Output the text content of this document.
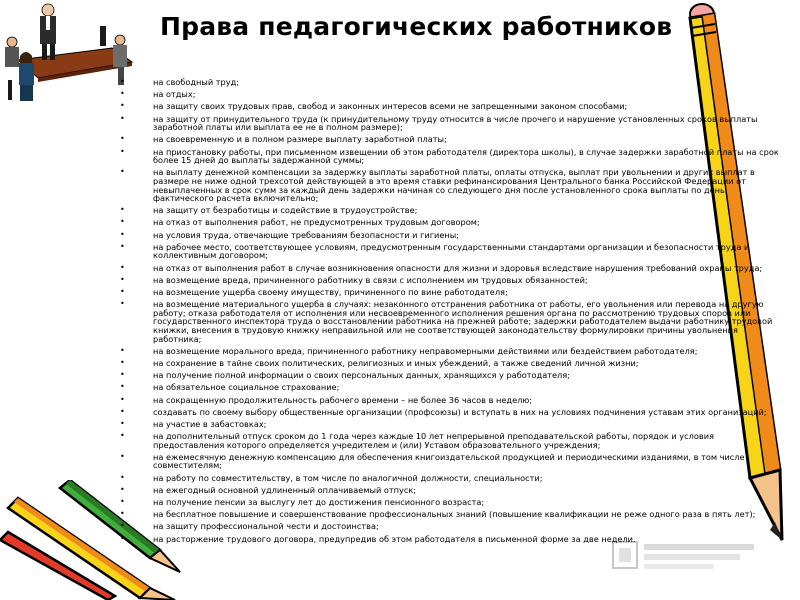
Права педагогических работников
• на свободный труд;
• на отдых;
• на защиту своих трудовых прав, свобод и законных интересов всеми не запрещенными законом способами;
• на защиту от принудительного труда (к принудительному труду относится в числе прочего и нарушение установленных сроков выплаты заработной платы или выплата ее не в полном размере);
• на своевременную и в полном размере выплату заработной платы;
• на приостановку работы, при письменном извещении об этом работодателя (директора школы), в случае задержки заработной платы на срок более 15 дней до выплаты задержанной суммы;
• на выплату денежной компенсации за задержку выплаты заработной платы, оплаты отпуска, выплат при увольнении и других выплат в размере не ниже одной трехсотой действующей в это время ставки рефинансирования Центрального банка Российской Федерации от невыплаченных в срок сумм за каждый день задержки начиная со следующего дня после установленного срока выплаты по день фактического расчета включительно;
• на защиту от безработицы и содействие в трудоустройстве;
• на отказ от выполнения работ, не предусмотренных трудовым договором;
• на условия труда, отвечающие требованиям безопасности и гигиены;
• на рабочее место, соответствующее условиям, предусмотренным государственными стандартами организации и безопасности труда и коллективным договором;
• на отказ от выполнения работ в случае возникновения опасности для жизни и здоровья вследствие нарушения требований охраны труда;
• на возмещение вреда, причиненного работнику в связи с исполнением им трудовых обязанностей;
• на возмещение ущерба своему имуществу, причиненного по вине работодателя;
• на возмещение материального ущерба в случаях: незаконного отстранения работника от работы, его увольнения или перевода на другую работу; отказа работодателя от исполнения или несвоевременного исполнения решения органа по рассмотрению трудовых споров или государственного инспектора труда о восстановлении работника на прежней работе; задержки работодателем выдачи работнику трудовой книжки, внесения в трудовую книжку неправильной или не соответствующей законодательству формулировки причины увольнения работника;
• на возмещение морального вреда, причиненного работнику неправомерными действиями или бездействием работодателя;
• на сохранение в тайне своих политических, религиозных и иных убеждений, а также сведений личной жизни;
• на получение полной информации о своих персональных данных, хранящихся у работодателя;
• на обязательное социальное страхование;
• на сокращенную продолжительность рабочего времени – не более 36 часов в неделю;
• создавать по своему выбору общественные организации (профсоюзы) и вступать в них на условиях подчинения уставам этих организаций;
• на участие в забастовках;
• на дополнительный отпуск сроком до 1 года через каждые 10 лет непрерывной преподавательской работы, порядок и условия предоставления которого определяется учредителем и (или) Уставом образовательного учреждения;
• на ежемесячную денежную компенсацию для обеспечения книгоиздательской продукцией и периодическими изданиями, в том числе совместителям;
• на работу по совместительству, в том числе по аналогичной должности, специальности;
• на ежегодный основной удлиненный оплачиваемый отпуск;
• на получение пенсии за выслугу лет до достижения пенсионного возраста;
• на бесплатное повышение и совершенствование профессиональных знаний (повышение квалификации не реже одного раза в пять лет);
• на защиту профессиональной чести и достоинства;
• на расторжение трудового договора, предупредив об этом работодателя в письменной форме за две недели.
